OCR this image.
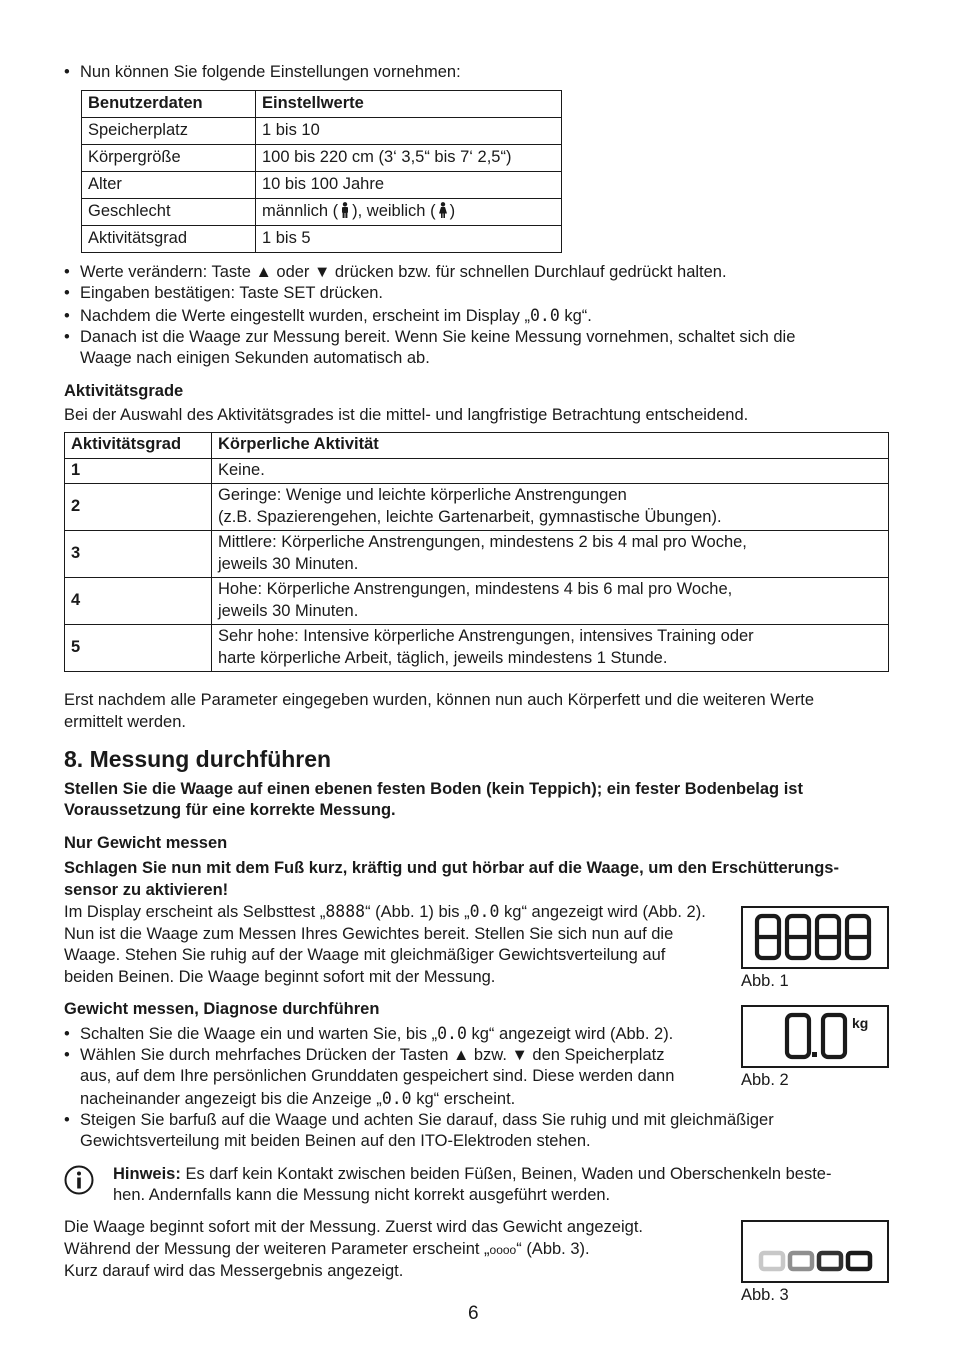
• Nun können Sie folgende Einstellungen vornehmen:
Benutzerdaten	Einstellwerte
Speicherplatz	1 bis 10
Körpergröße	100 bis 220 cm (3‘ 3,5“ bis 7‘ 2,5“)
Alter	10 bis 100 Jahre
Geschlecht	männlich ( ), weiblich ( )
Aktivitätsgrad	1 bis 5
• Werte verändern: Taste ▲ oder ▼ drücken bzw. für schnellen Durchlauf gedrückt halten.
• Eingaben bestätigen: Taste SET drücken.
• Nachdem die Werte eingestellt wurden, erscheint im Display „0.0 kg“.
• Danach ist die Waage zur Messung bereit. Wenn Sie keine Messung vornehmen, schaltet sich die
Waage nach einigen Sekunden automatisch ab.
Aktivitätsgrade
Bei der Auswahl des Aktivitätsgrades ist die mittel- und langfristige Betrachtung entscheidend.
Aktivitätsgrad	Körperliche Aktivität
1	Keine.
2	Geringe: Wenige und leichte körperliche Anstrengungen
(z.B. Spazierengehen, leichte Gartenarbeit, gymnastische Übungen).

3	Mittlere: Körperliche Anstrengungen, mindestens 2 bis 4 mal pro Woche,
jeweils 30 Minuten.

4	Hohe: Körperliche Anstrengungen, mindestens 4 bis 6 mal pro Woche,
jeweils 30 Minuten.

5	Sehr hohe: Intensive körperliche Anstrengungen, intensives Training oder
harte körperliche Arbeit, täglich, jeweils mindestens 1 Stunde.
Erst nachdem alle Parameter eingegeben wurden, können nun auch Körperfett und die weiteren Werte
ermittelt werden.
8. Messung durchführen
Stellen Sie die Waage auf einen ebenen festen Boden (kein Teppich); ein fester Bodenbelag ist
Voraussetzung für eine korrekte Messung.
Nur Gewicht messen
Schlagen Sie nun mit dem Fuß kurz, kräftig und gut hörbar auf die Waage, um den Erschütterungs-
sensor zu aktivieren!
Im Display erscheint als Selbsttest „8888“ (Abb. 1) bis „0.0 kg“ angezeigt wird (Abb. 2).
Nun ist die Waage zum Messen Ihres Gewichtes bereit. Stellen Sie sich nun auf die
Waage. Stehen Sie ruhig auf der Waage mit gleichmäßiger Gewichtsverteilung auf
beiden Beinen. Die Waage beginnt sofort mit der Messung.
Gewicht messen, Diagnose durchführen
• Schalten Sie die Waage ein und warten Sie, bis „0.0 kg“ angezeigt wird (Abb. 2).
• Wählen Sie durch mehrfaches Drücken der Tasten ▲ bzw. ▼ den Speicherplatz
aus, auf dem Ihre persönlichen Grunddaten gespeichert sind. Diese werden dann
nacheinander angezeigt bis die Anzeige „0.0 kg“ erscheint.
• Steigen Sie barfuß auf die Waage und achten Sie darauf, dass Sie ruhig und mit gleichmäßiger
Gewichtsverteilung mit beiden Beinen auf den ITO-Elektroden stehen.
Hinweis: Es darf kein Kontakt zwischen beiden Füßen, Beinen, Waden und Oberschenkeln beste-
hen. Andernfalls kann die Messung nicht korrekt ausgeführt werden.
Die Waage beginnt sofort mit der Messung. Zuerst wird das Gewicht angezeigt.
Während der Messung der weiteren Parameter erscheint „oooo“ (Abb. 3).
Kurz darauf wird das Messergebnis angezeigt.
Abb. 1
kg
Abb. 2
Abb. 3
6
